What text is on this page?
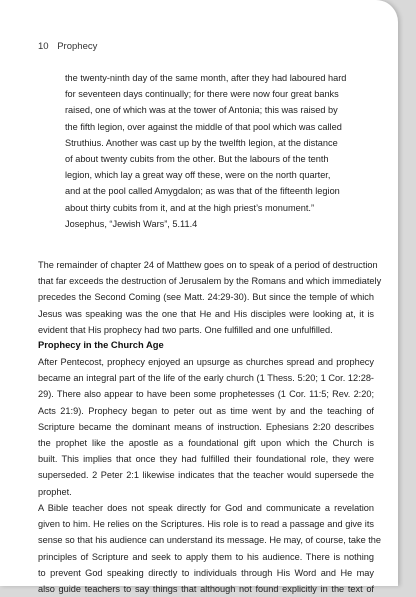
10 Prophecy
the twenty-ninth day of the same month, after they had laboured hard
for seventeen days continually; for there were now four great banks
raised, one of which was at the tower of Antonia; this was raised by
the fifth legion, over against the middle of that pool which was called
Struthius. Another was cast up by the twelfth legion, at the distance
of about twenty cubits from the other. But the labours of the tenth
legion, which lay a great way off these, were on the north quarter,
and at the pool called Amygdalon; as was that of the fifteenth legion
about thirty cubits from it, and at the high priest’s monument.”
Josephus, “Jewish Wars”, 5.11.4
The remainder of chapter 24 of Matthew goes on to speak of a period of destruction
that far exceeds the destruction of Jerusalem by the Romans and which immediately
precedes the Second Coming (see Matt. 24:29-30). But since the temple of which
Jesus was speaking was the one that He and His disciples were looking at, it is
evident that His prophecy had two parts. One fulfilled and one unfulfilled.
Prophecy in the Church Age
After Pentecost, prophecy enjoyed an upsurge as churches spread and prophecy
became an integral part of the life of the early church (1 Thess. 5:20; 1 Cor. 12:28-
29). There also appear to have been some prophetesses (1 Cor. 11:5; Rev. 2:20;
Acts 21:9). Prophecy began to peter out as time went by and the teaching of
Scripture became the dominant means of instruction. Ephesians 2:20 describes
the prophet like the apostle as a foundational gift upon which the Church is
built. This implies that once they had fulfilled their foundational role, they were
superseded. 2 Peter 2:1 likewise indicates that the teacher would supersede the
prophet.
A Bible teacher does not speak directly for God and communicate a revelation
given to him. He relies on the Scriptures. His role is to read a passage and give its
sense so that his audience can understand its message. He may, of course, take the
principles of Scripture and seek to apply them to his audience. There is nothing
to prevent God speaking directly to individuals through His Word and He may
also guide teachers to say things that although not found explicitly in the text of
